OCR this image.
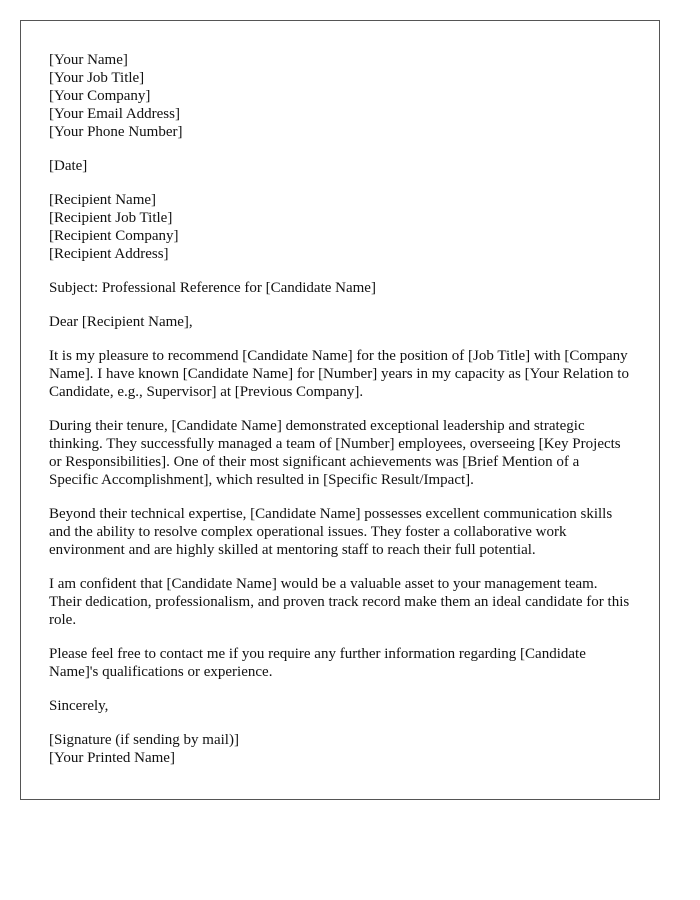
[Your Name]
[Your Job Title]
[Your Company]
[Your Email Address]
[Your Phone Number]
[Date]
[Recipient Name]
[Recipient Job Title]
[Recipient Company]
[Recipient Address]
Subject: Professional Reference for [Candidate Name]
Dear [Recipient Name],

It is my pleasure to recommend [Candidate Name] for the position of [Job Title] with [Company Name]. I have known [Candidate Name] for [Number] years in my capacity as [Your Relation to Candidate, e.g., Supervisor] at [Previous Company].

During their tenure, [Candidate Name] demonstrated exceptional leadership and strategic thinking. They successfully managed a team of [Number] employees, overseeing [Key Projects or Responsibilities]. One of their most significant achievements was [Brief Mention of a Specific Accomplishment], which resulted in [Specific Result/Impact].

Beyond their technical expertise, [Candidate Name] possesses excellent communication skills and the ability to resolve complex operational issues. They foster a collaborative work environment and are highly skilled at mentoring staff to reach their full potential.

I am confident that [Candidate Name] would be a valuable asset to your management team. Their dedication, professionalism, and proven track record make them an ideal candidate for this role.

Please feel free to contact me if you require any further information regarding [Candidate Name]'s qualifications or experience.

Sincerely,
[Signature (if sending by mail)]
[Your Printed Name]
